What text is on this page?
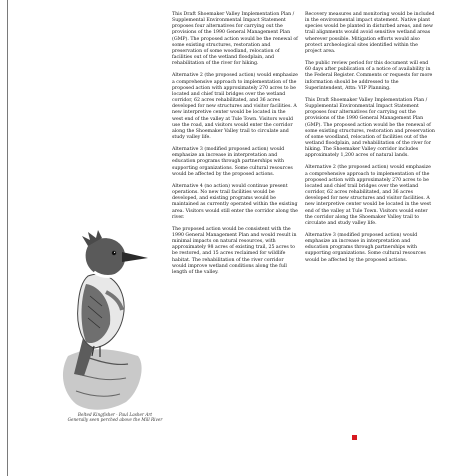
Belted Kingfisher · Paul Lasher Art
Generally seen perched above the Mill River

This Draft Shoemaker Valley Implementation Plan / Supplemental Environmental Impact Statement proposes four alternatives for carrying out the provisions of the 1990 General Management Plan (GMP). The proposed action would be the renewal of some existing structures, restoration and preservation of some woodland, relocation of facilities out of the wetland floodplain, and rehabilitation of the river for hiking.

Alternative 2 (the proposed action) would emphasize a comprehensive approach to implementation of the proposed action with approximately 270 acres to be located and chief trail bridges over the wetland corridor, 62 acres rehabilitated, and 36 acres developed for new structures and visitor facilities. A new interpretive center would be located in the west end of the valley at Tule Town. Visitors would use the road, and visitors would enter the corridor along the Shoemaker Valley trail to circulate and study valley life.

Alternative 3 (modified proposed action) would emphasize an increase in interpretation and education programs through partnerships with supporting organizations. Some cultural resources would be affected by the proposed actions.

Alternative 4 (no action) would continue present operations. No new trail facilities would be developed, and existing programs would be maintained as currently operated within the existing area. Visitors would still enter the corridor along the river.

The proposed action would be consistent with the 1990 General Management Plan and would result in minimal impacts on natural resources, with approximately 98 acres of existing trail, 25 acres to be restored, and 15 acres reclaimed for wildlife habitat. The rehabilitation of the river corridor would improve wetland conditions along the full length of the valley.

Recovery measures and monitoring would be included in the environmental impact statement. Native plant species would be planted in disturbed areas, and new trail alignments would avoid sensitive wetland areas wherever possible. Mitigation efforts would also protect archeological sites identified within the project area.

The public review period for this document will end 60 days after publication of a notice of availability in the Federal Register. Comments or requests for more information should be addressed to the Superintendent, Attn: VIP Planning.

This Draft Shoemaker Valley Implementation Plan / Supplemental Environmental Impact Statement proposes four alternatives for carrying out the provisions of the 1990 General Management Plan (GMP). The proposed action would be the renewal of some existing structures, restoration and preservation of some woodland, relocation of facilities out of the wetland floodplain, and rehabilitation of the river for hiking. The Shoemaker Valley corridor includes approximately 1,200 acres of natural lands.

Alternative 2 (the proposed action) would emphasize a comprehensive approach to implementation of the proposed action with approximately 270 acres to be located and chief trail bridges over the wetland corridor, 62 acres rehabilitated, and 36 acres developed for new structures and visitor facilities. A new interpretive center would be located in the west end of the valley at Tule Town. Visitors would enter the corridor along the Shoemaker Valley trail to circulate and study valley life.

Alternative 3 (modified proposed action) would emphasize an increase in interpretation and education programs through partnerships with supporting organizations. Some cultural resources would be affected by the proposed actions.
